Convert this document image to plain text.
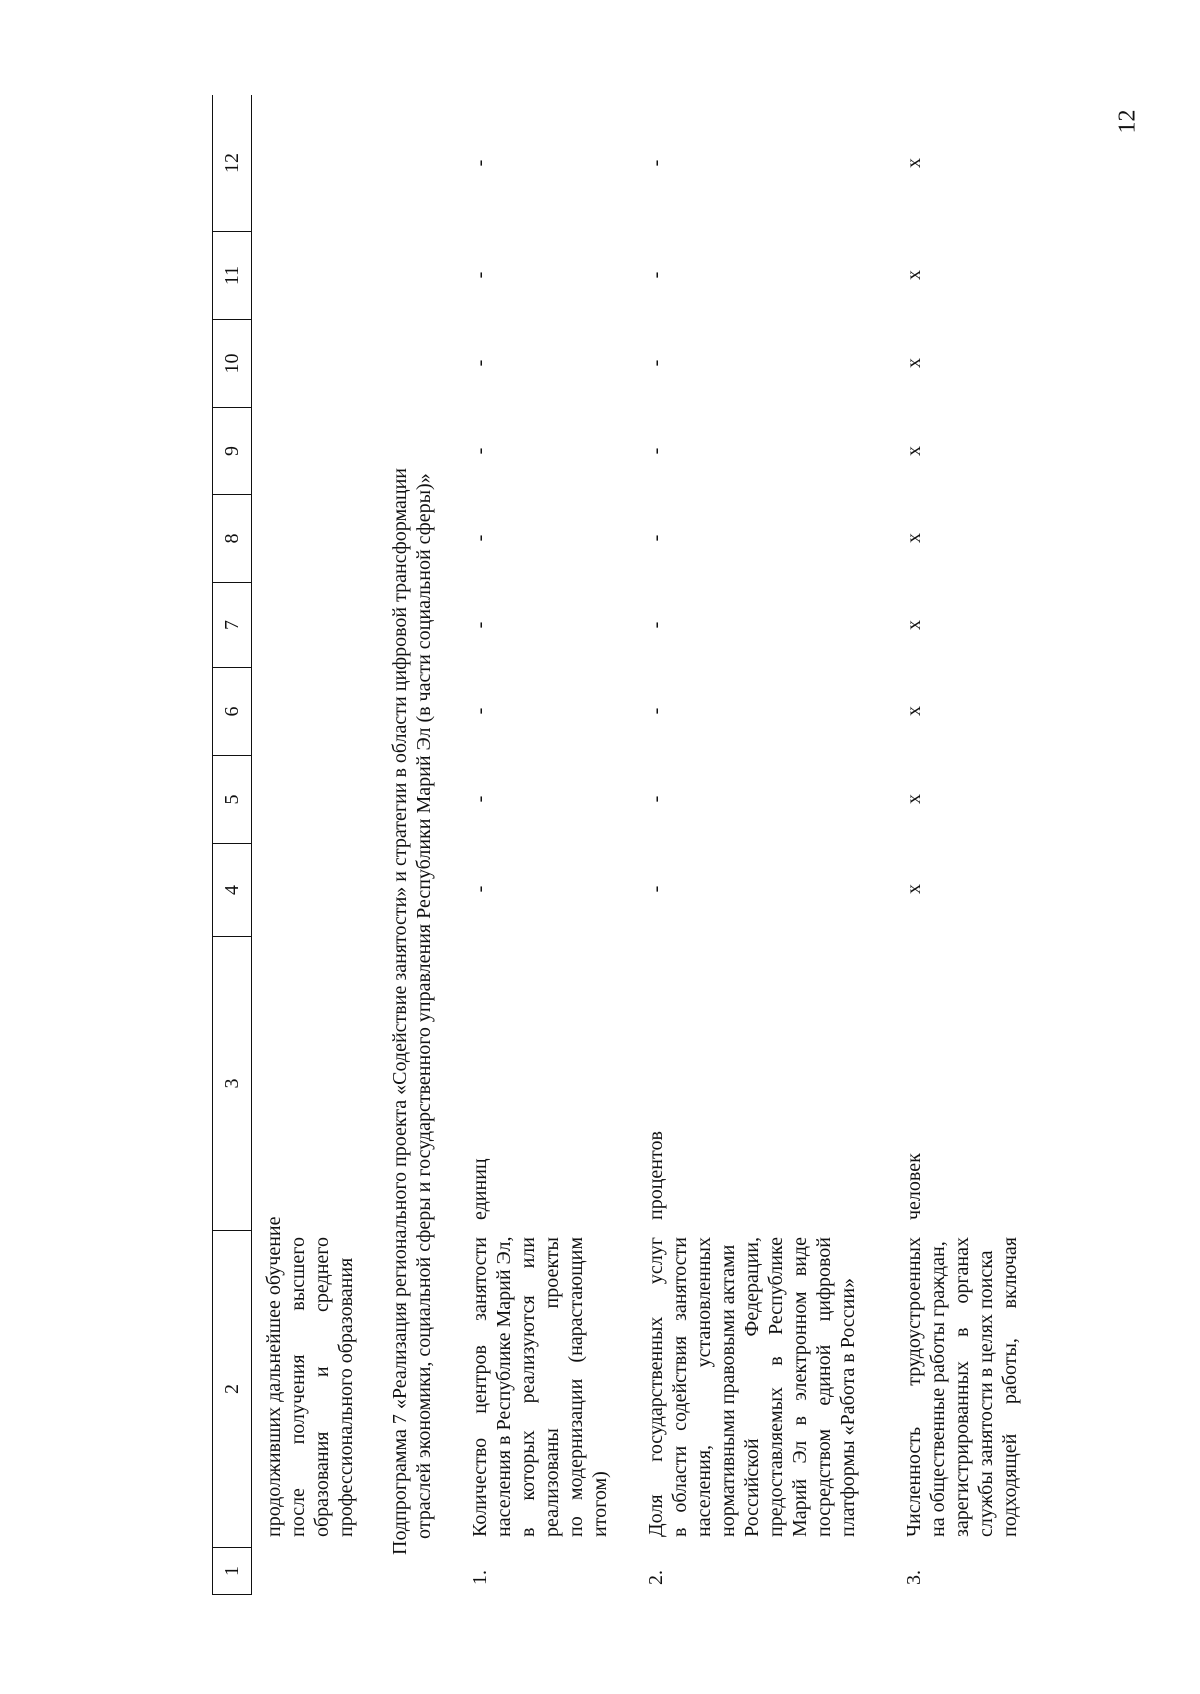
12
1
2
3
4
5
6
7
8
9
10
11
12
продолживших дальнейшее обучение после
получения
высшего
образования
и
среднего профессионального образования Подпрограмма 7 «Реализация регионального проекта «Содействие занятости» и стратегии в области цифровой трансформации отраслей экономики, социальной сферы и государственного управления Республики Марий Эл (в части социальной сферы)»
1.
Количество
центров
занятости населения в Республике Марий Эл, в
которых
реализуются
или
реализованы
проекты
по
модернизации
(нарастающим
итогом)
единиц
-
-
-
-
-
-
-
-
-
2.
Доля
государственных
услуг
в
области
содействия
занятости
населения,
установленных нормативными правовыми актами Российской
Федерации,
предоставляемых
в
Республике
Марий
Эл
в
электронном
виде
посредством
единой
цифровой платформы «Работа в России»
процентов
-
-
-
-
-
-
-
-
-
3.
Численность
трудоустроенных на общественные работы граждан, зарегистрированных
в
органах службы занятости в целях поиска подходящей
работы,
включая
человек
x
x
x
x
x
x
x
x
x
